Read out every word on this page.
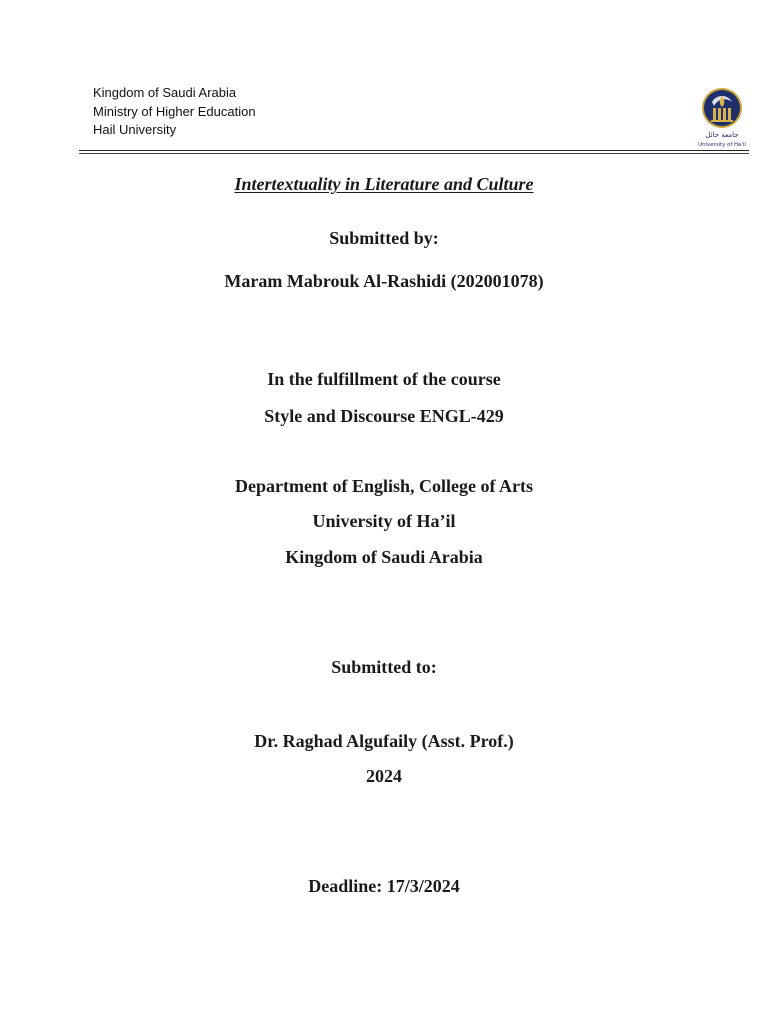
Kingdom of Saudi Arabia
Ministry of Higher Education
Hail University	جامعة حائل
University of Ha'il
Intertextuality in Literature and Culture
Submitted by:
Maram Mabrouk Al-Rashidi (202001078)
In the fulfillment of the course
Style and Discourse ENGL-429
Department of English, College of Arts
University of Ha’il
Kingdom of Saudi Arabia
Submitted to:
Dr. Raghad Algufaily (Asst. Prof.)
2024
Deadline: 17/3/2024
